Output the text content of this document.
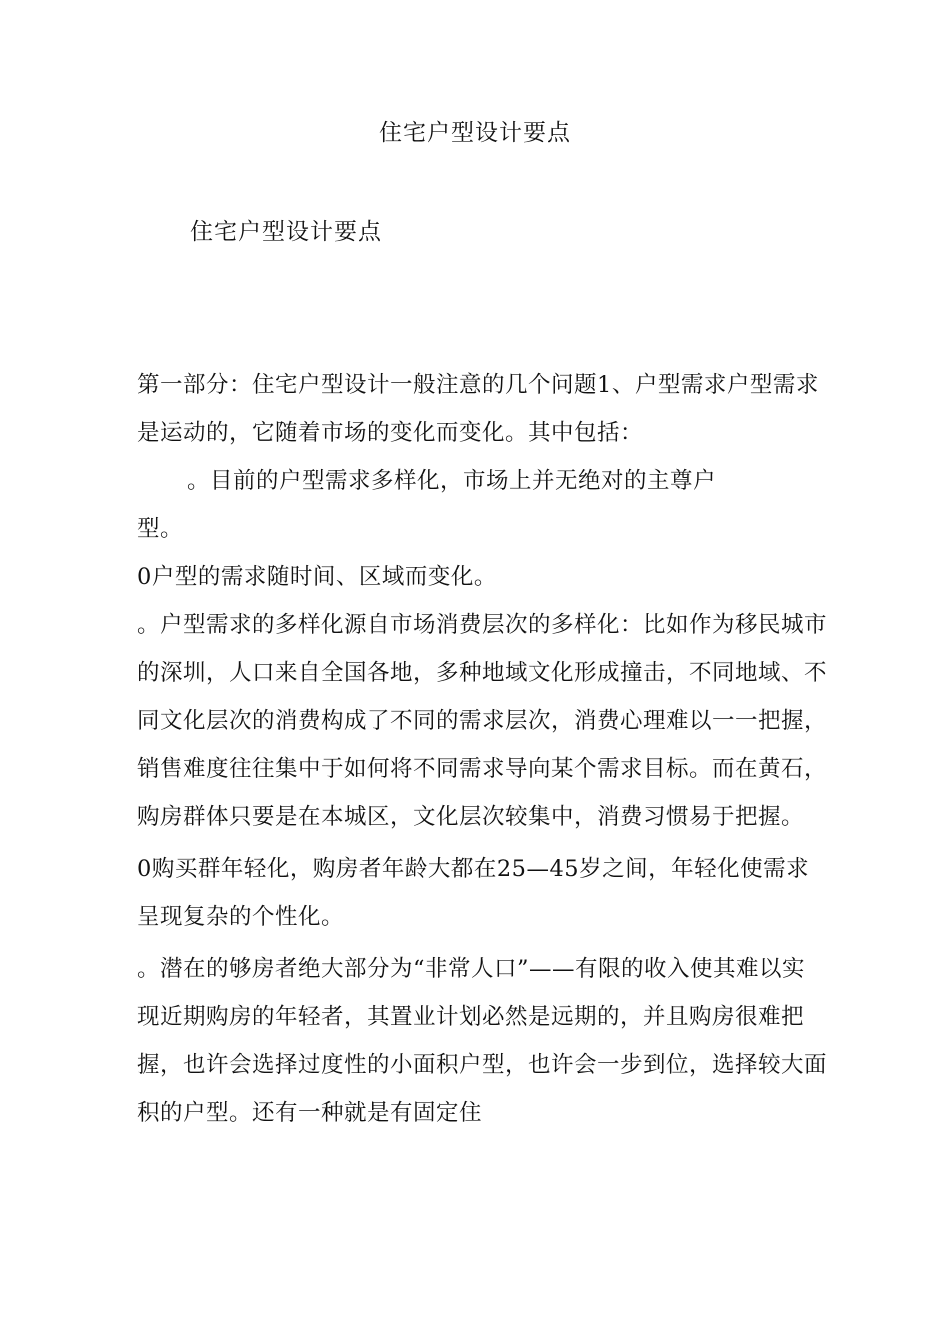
住宅户型设计要点
住宅户型设计要点

第一部分：住宅户型设计一般注意的几个问题1、户型需求户型需求是运动的，它随着市场的变化而变化。其中包括：

。目前的户型需求多样化，市场上并无绝对的主尊户

型。

0户型的需求随时间、区域而变化。

。户型需求的多样化源自市场消费层次的多样化：比如作为移民城市的深圳，人口来自全国各地，多种地域文化形成撞击，不同地域、不同文化层次的消费构成了不同的需求层次，消费心理难以一一把握，销售难度往往集中于如何将不同需求导向某个需求目标。而在黄石，购房群体只要是在本城区，文化层次较集中，消费习惯易于把握。

0购买群年轻化，购房者年龄大都在25—45岁之间，年轻化使需求呈现复杂的个性化。

。潜在的够房者绝大部分为“非常人口”——有限的收入使其难以实现近期购房的年轻者，其置业计划必然是远期的，并且购房很难把握，也许会选择过度性的小面积户型，也许会一步到位，选择较大面积的户型。还有一种就是有固定住
